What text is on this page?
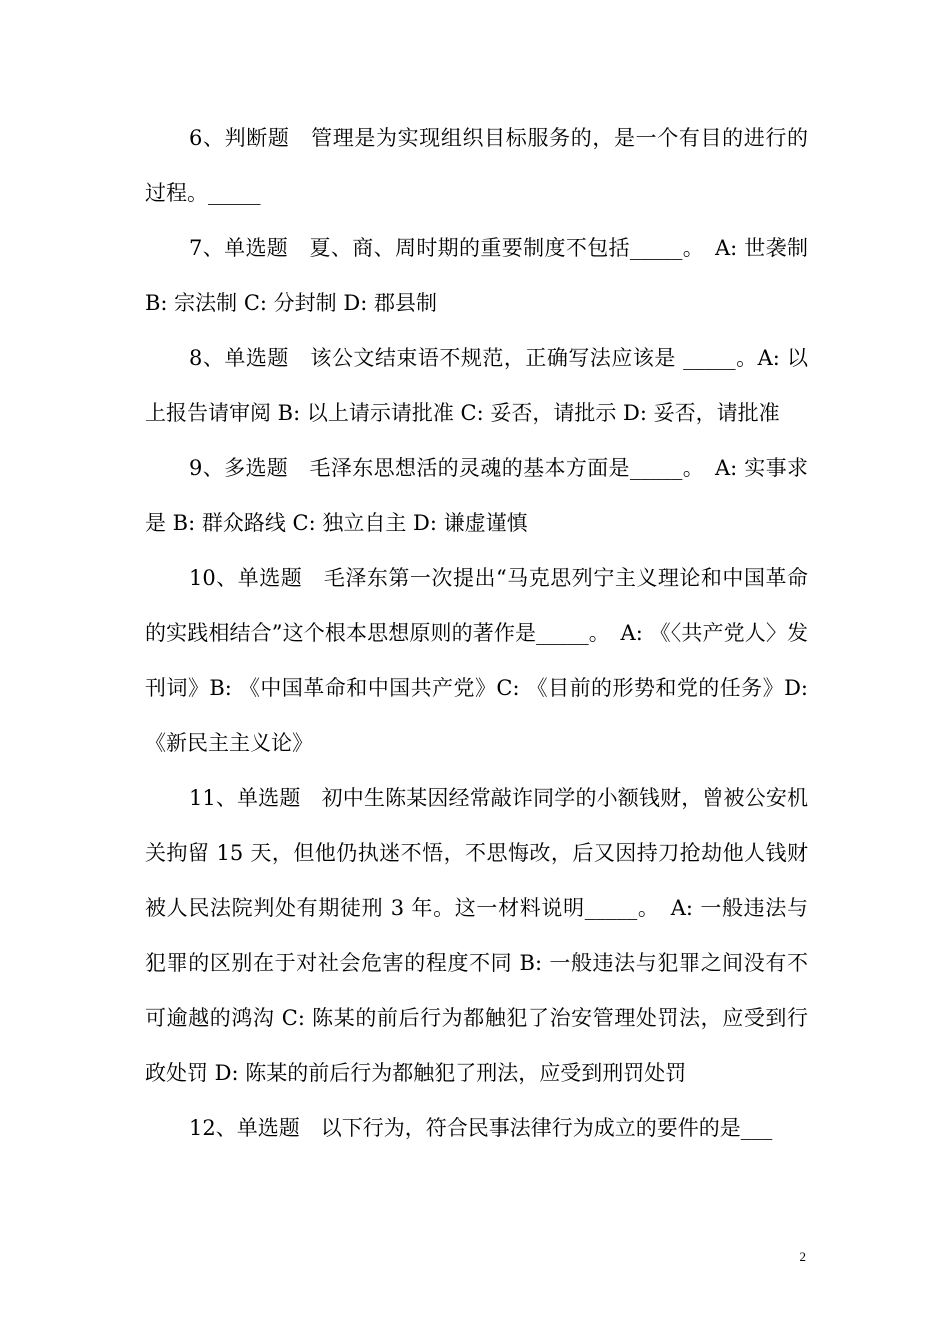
6、判断题　管理是为实现组织目标服务的，是一个有目的进行的过程。_____

7、单选题　夏、商、周时期的重要制度不包括_____。　A: 世袭制 B: 宗法制 C: 分封制 D: 郡县制

8、单选题　该公文结束语不规范，正确写法应该是 _____。A: 以上报告请审阅 B: 以上请示请批准 C: 妥否，请批示 D: 妥否，请批准

9、多选题　毛泽东思想活的灵魂的基本方面是_____。　A: 实事求是 B: 群众路线 C: 独立自主 D: 谦虚谨慎

10、单选题　毛泽东第一次提出“马克思列宁主义理论和中国革命的实践相结合”这个根本思想原则的著作是_____。　A: 《〈共产党人〉发刊词》B: 《中国革命和中国共产党》C: 《目前的形势和党的任务》D: 《新民主主义论》

11、单选题　初中生陈某因经常敲诈同学的小额钱财，曾被公安机关拘留 15 天，但他仍执迷不悟，不思悔改，后又因持刀抢劫他人钱财被人民法院判处有期徒刑 3 年。这一材料说明_____。　A: 一般违法与犯罪的区别在于对社会危害的程度不同 B: 一般违法与犯罪之间没有不可逾越的鸿沟 C: 陈某的前后行为都触犯了治安管理处罚法，应受到行政处罚 D: 陈某的前后行为都触犯了刑法，应受到刑罚处罚

12、单选题　以下行为，符合民事法律行为成立的要件的是___

2
